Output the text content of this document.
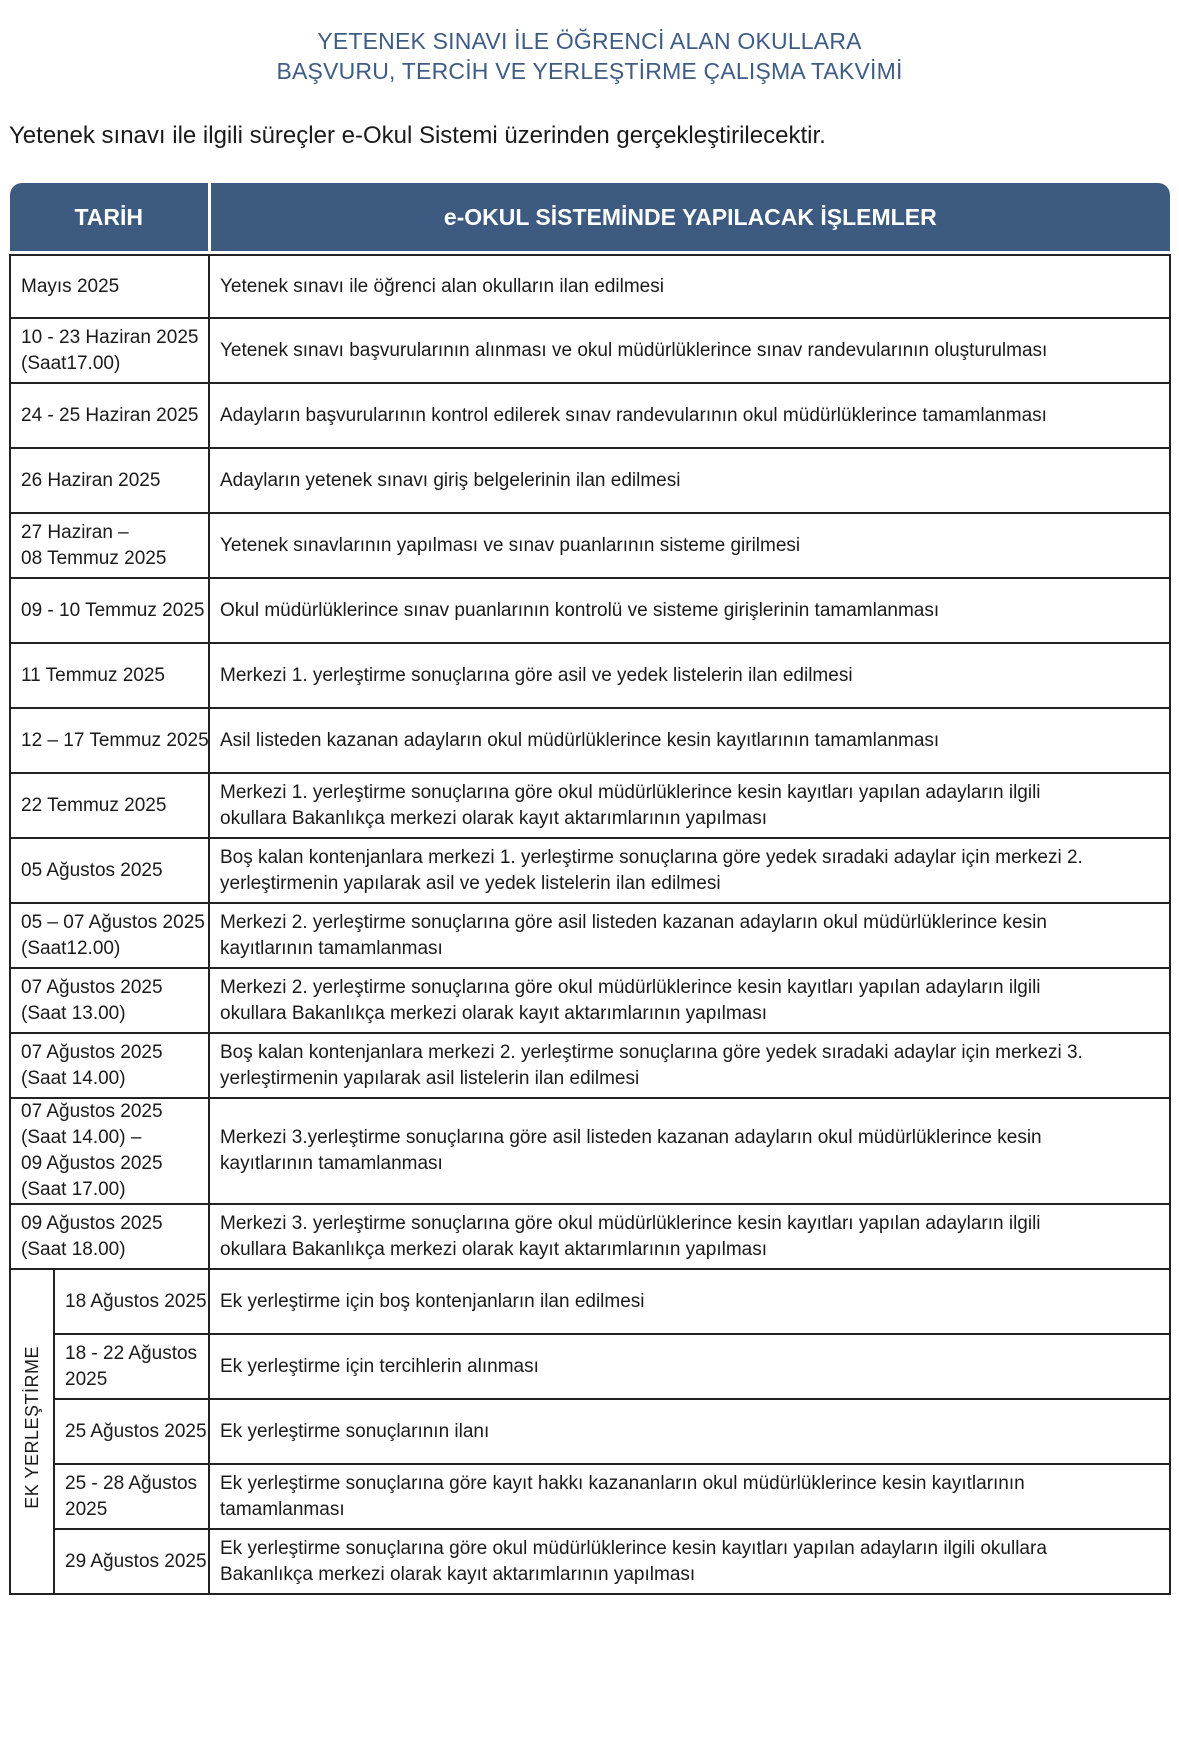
YETENEK SINAVI İLE ÖĞRENCİ ALAN OKULLARA
BAŞVURU, TERCİH VE YERLEŞTİRME ÇALIŞMA TAKVİMİ
Yetenek sınavı ile ilgili süreçler e-Okul Sistemi üzerinden gerçekleştirilecektir.
TARİH		e-OKUL SİSTEMİNDE YAPILACAK İŞLEMLER

Mayıs 2025		Yetenek sınavı ile öğrenci alan okulların ilan edilmesi
10 - 23 Haziran 2025
(Saat17.00)		Yetenek sınavı başvurularının alınması ve okul müdürlüklerince sınav randevularının oluşturulması
24 - 25 Haziran 2025		Adayların başvurularının kontrol edilerek sınav randevularının okul müdürlüklerince tamamlanması
26 Haziran 2025		Adayların yetenek sınavı giriş belgelerinin ilan edilmesi
27 Haziran –
08 Temmuz 2025		Yetenek sınavlarının yapılması ve sınav puanlarının sisteme girilmesi
09 - 10 Temmuz 2025		Okul müdürlüklerince sınav puanlarının kontrolü ve sisteme girişlerinin tamamlanması
11 Temmuz 2025		Merkezi 1. yerleştirme sonuçlarına göre asil ve yedek listelerin ilan edilmesi
12 – 17 Temmuz 2025		Asil listeden kazanan adayların okul müdürlüklerince kesin kayıtlarının tamamlanması
22 Temmuz 2025		Merkezi 1. yerleştirme sonuçlarına göre okul müdürlüklerince kesin kayıtları yapılan adayların ilgili
okullara Bakanlıkça merkezi olarak kayıt aktarımlarının yapılması
05 Ağustos 2025		Boş kalan kontenjanlara merkezi 1. yerleştirme sonuçlarına göre yedek sıradaki adaylar için merkezi 2.
yerleştirmenin yapılarak asil ve yedek listelerin ilan edilmesi
05 – 07 Ağustos 2025
(Saat12.00)		Merkezi 2. yerleştirme sonuçlarına göre asil listeden kazanan adayların okul müdürlüklerince kesin
kayıtlarının tamamlanması
07 Ağustos 2025
(Saat 13.00)		Merkezi 2. yerleştirme sonuçlarına göre okul müdürlüklerince kesin kayıtları yapılan adayların ilgili
okullara Bakanlıkça merkezi olarak kayıt aktarımlarının yapılması
07 Ağustos 2025
(Saat 14.00)		Boş kalan kontenjanlara merkezi 2. yerleştirme sonuçlarına göre yedek sıradaki adaylar için merkezi 3.
yerleştirmenin yapılarak asil listelerin ilan edilmesi
07 Ağustos 2025
(Saat 14.00) –
09 Ağustos 2025
(Saat 17.00)		Merkezi 3.yerleştirme sonuçlarına göre asil listeden kazanan adayların okul müdürlüklerince kesin
kayıtlarının tamamlanması
09 Ağustos 2025
(Saat 18.00)		Merkezi 3. yerleştirme sonuçlarına göre okul müdürlüklerince kesin kayıtları yapılan adayların ilgili
okullara Bakanlıkça merkezi olarak kayıt aktarımlarının yapılması
EK YERLEŞTİRME	18 Ağustos 2025	Ek yerleştirme için boş kontenjanların ilan edilmesi
	18 - 22 Ağustos
2025	Ek yerleştirme için tercihlerin alınması
	25 Ağustos 2025	Ek yerleştirme sonuçlarının ilanı
	25 - 28 Ağustos
2025	Ek yerleştirme sonuçlarına göre kayıt hakkı kazananların okul müdürlüklerince kesin kayıtlarının
tamamlanması
	29 Ağustos 2025	Ek yerleştirme sonuçlarına göre okul müdürlüklerince kesin kayıtları yapılan adayların ilgili okullara
Bakanlıkça merkezi olarak kayıt aktarımlarının yapılması
